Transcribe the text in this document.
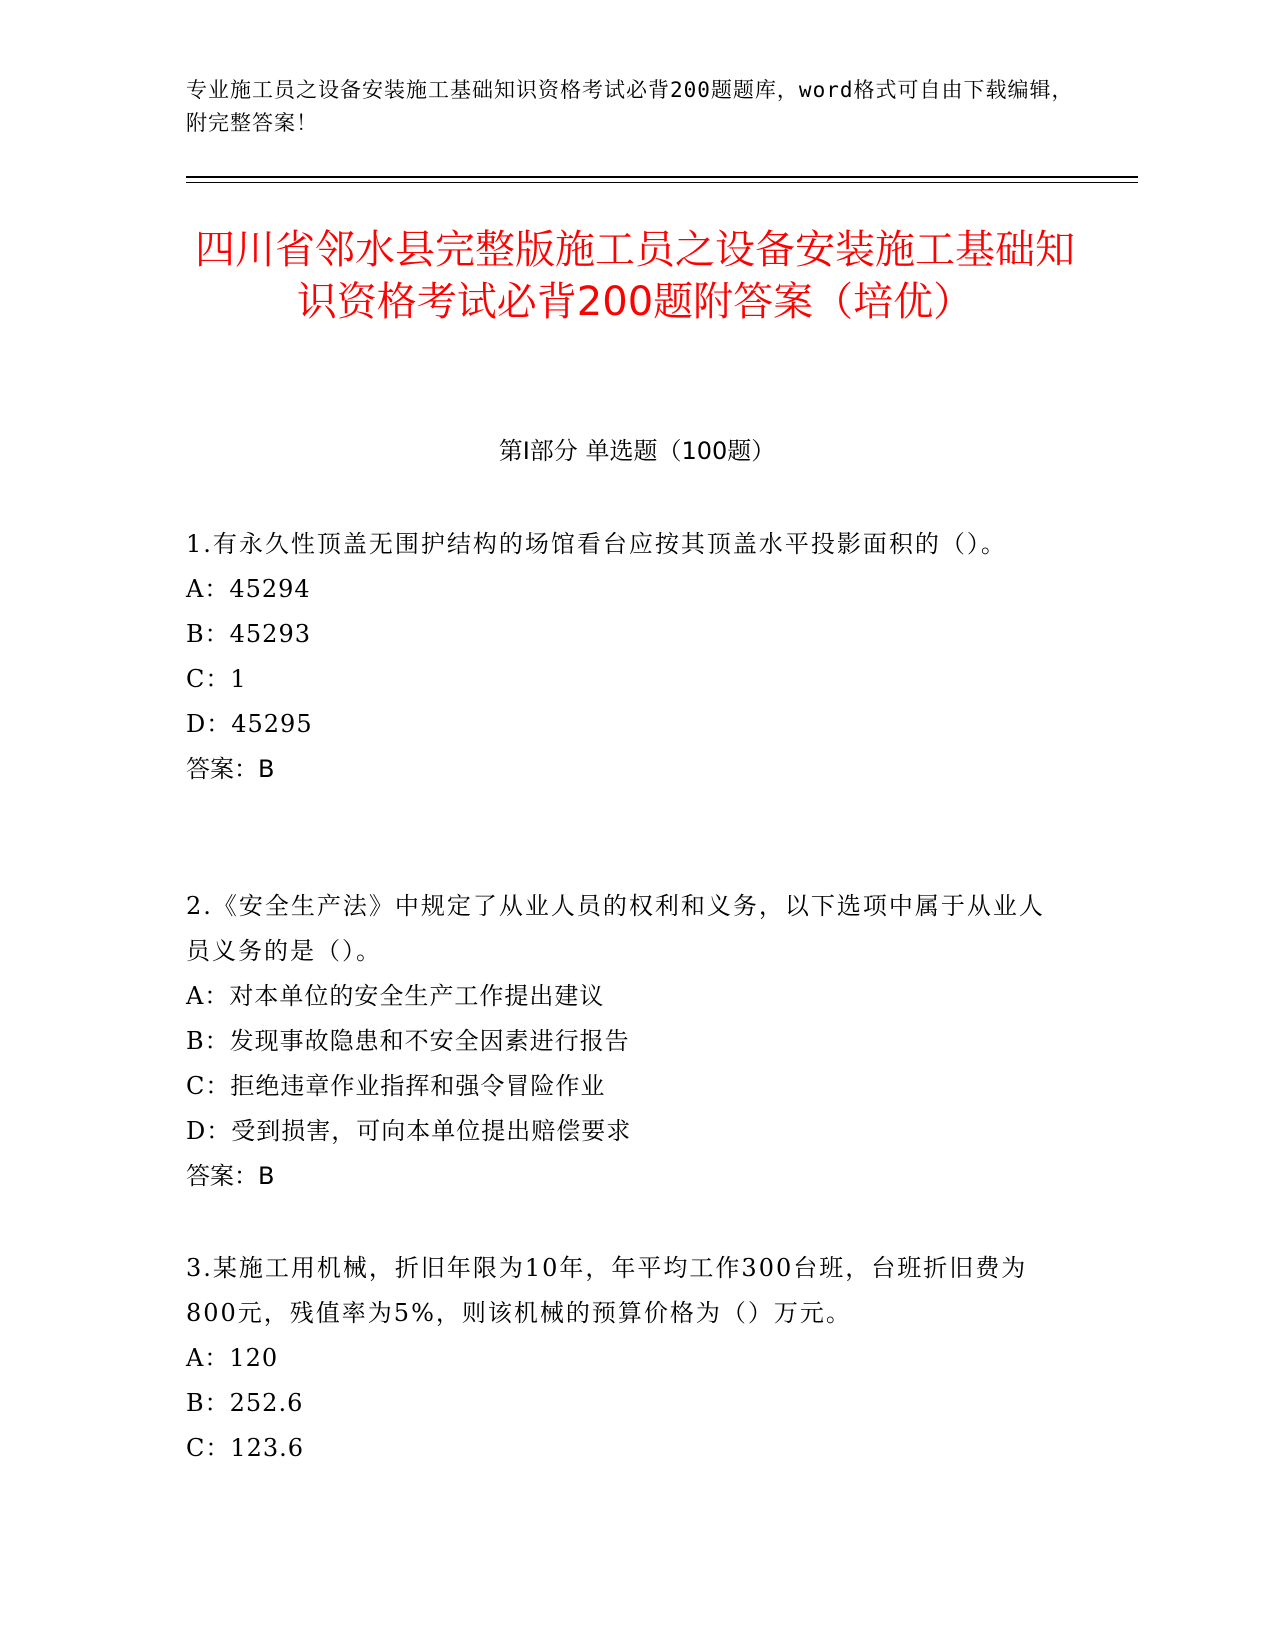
专业施工员之设备安装施工基础知识资格考试必背200题题库，word格式可自由下载编辑，附完整答案！
四川省邻水县完整版施工员之设备安装施工基础知识资格考试必背200题附答案（培优）
第I部分 单选题（100题）
1.有永久性顶盖无围护结构的场馆看台应按其顶盖水平投影面积的（）。
A：45294
B：45293
C：1
D：45295
答案：B
2.《安全生产法》中规定了从业人员的权利和义务，以下选项中属于从业人员义务的是（）。
A：对本单位的安全生产工作提出建议
B：发现事故隐患和不安全因素进行报告
C：拒绝违章作业指挥和强令冒险作业
D：受到损害，可向本单位提出赔偿要求
答案：B
3.某施工用机械，折旧年限为10年，年平均工作300台班，台班折旧费为800元，残值率为5%，则该机械的预算价格为（）万元。
A：120
B：252.6
C：123.6
